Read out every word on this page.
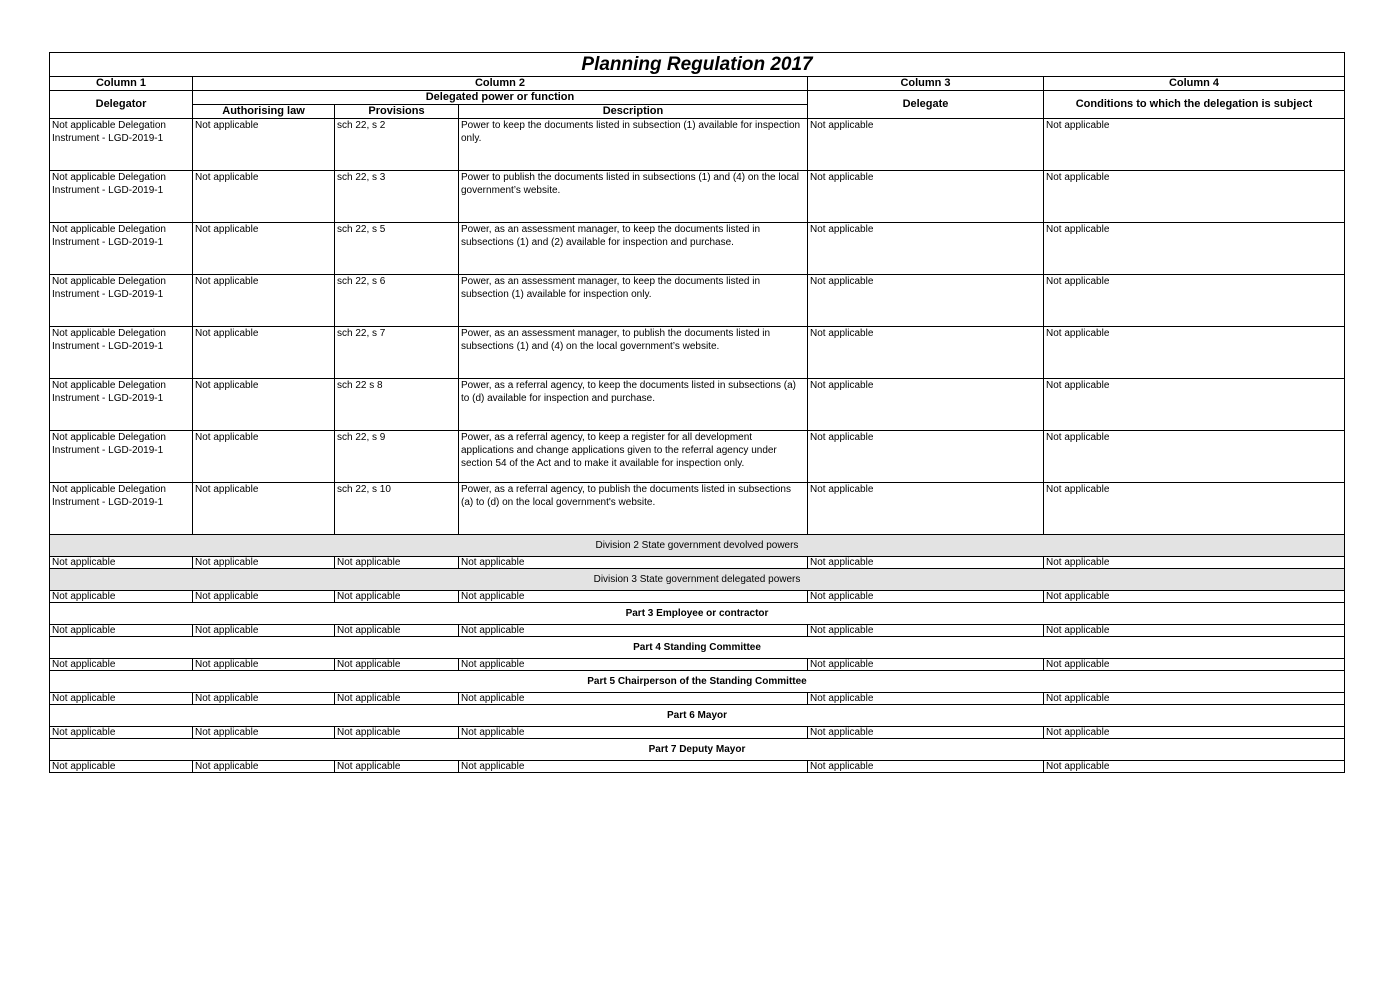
Planning Regulation 2017					
Column 1	Column 2			Column 3	Column 4
Delegator	Delegated power or function			Delegate	Conditions to which the delegation is subject
	Authorising law	Provisions	Description		
Not applicable Delegation Instrument - LGD-2019-1	Not applicable	sch 22, s 2	Power to keep the documents listed in subsection (1) available for inspection only.	Not applicable	Not applicable
Not applicable Delegation Instrument - LGD-2019-1	Not applicable	sch 22, s 3	Power to publish the documents listed in subsections (1) and (4) on the local government’s website.	Not applicable	Not applicable
Not applicable Delegation Instrument - LGD-2019-1	Not applicable	sch 22, s 5	Power, as an assessment manager, to keep the documents listed in subsections (1) and (2) available for inspection and purchase.	Not applicable	Not applicable
Not applicable Delegation Instrument - LGD-2019-1	Not applicable	sch 22, s 6	Power, as an assessment manager, to keep the documents listed in subsection (1) available for inspection only.	Not applicable	Not applicable
Not applicable Delegation Instrument - LGD-2019-1	Not applicable	sch 22, s 7	Power, as an assessment manager, to publish the documents listed in subsections (1) and (4) on the local government’s website.	Not applicable	Not applicable
Not applicable Delegation Instrument - LGD-2019-1	Not applicable	sch 22 s 8	Power, as a referral agency, to keep the documents listed in subsections (a) to (d) available for inspection and purchase.	Not applicable	Not applicable
Not applicable Delegation Instrument - LGD-2019-1	Not applicable	sch 22, s 9	Power, as a referral agency, to keep a register for all development applications and change applications given to the referral agency under section 54 of the Act and to make it available for inspection only.	Not applicable	Not applicable
Not applicable Delegation Instrument - LGD-2019-1	Not applicable	sch 22, s 10	Power, as a referral agency, to publish the documents listed in subsections (a) to (d) on the local government's website.	Not applicable	Not applicable
Division 2 State government devolved powers					
Not applicable	Not applicable	Not applicable	Not applicable	Not applicable	Not applicable
Division 3 State government delegated powers					
Not applicable	Not applicable	Not applicable	Not applicable	Not applicable	Not applicable
Part 3 Employee or contractor					
Not applicable	Not applicable	Not applicable	Not applicable	Not applicable	Not applicable
Part 4 Standing Committee					
Not applicable	Not applicable	Not applicable	Not applicable	Not applicable	Not applicable
Part 5 Chairperson of the Standing Committee					
Not applicable	Not applicable	Not applicable	Not applicable	Not applicable	Not applicable
Part 6 Mayor					
Not applicable	Not applicable	Not applicable	Not applicable	Not applicable	Not applicable
Part 7 Deputy Mayor					
Not applicable	Not applicable	Not applicable	Not applicable	Not applicable	Not applicable
